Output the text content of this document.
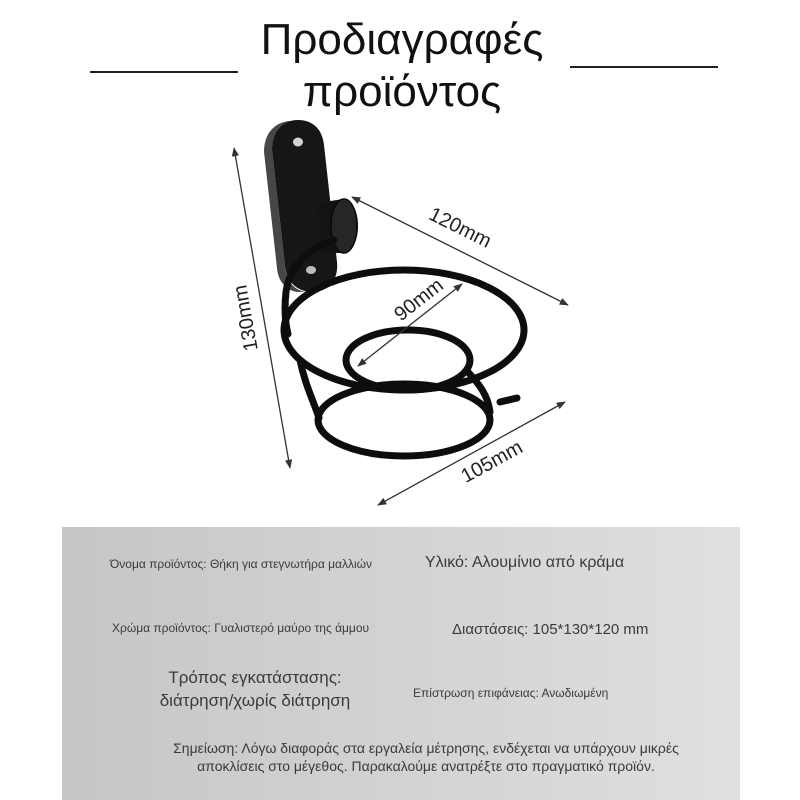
Προδιαγραφές
προϊόντος
130mm
120mm
90mm
105mm
Όνομα προϊόντος: Θήκη για στεγνωτήρα μαλλιών	Υλικό: Αλουμίνιο από κράμα
Χρώμα προϊόντος: Γυαλιστερό μαύρο της άμμου	Διαστάσεις: 105*130*120 mm
Τρόπος εγκατάστασης:
διάτρηση/χωρίς διάτρηση	Επίστρωση επιφάνειας: Ανωδιωμένη
Σημείωση: Λόγω διαφοράς στα εργαλεία μέτρησης, ενδέχεται να υπάρχουν μικρές
αποκλίσεις στο μέγεθος. Παρακαλούμε ανατρέξτε στο πραγματικό προϊόν.
